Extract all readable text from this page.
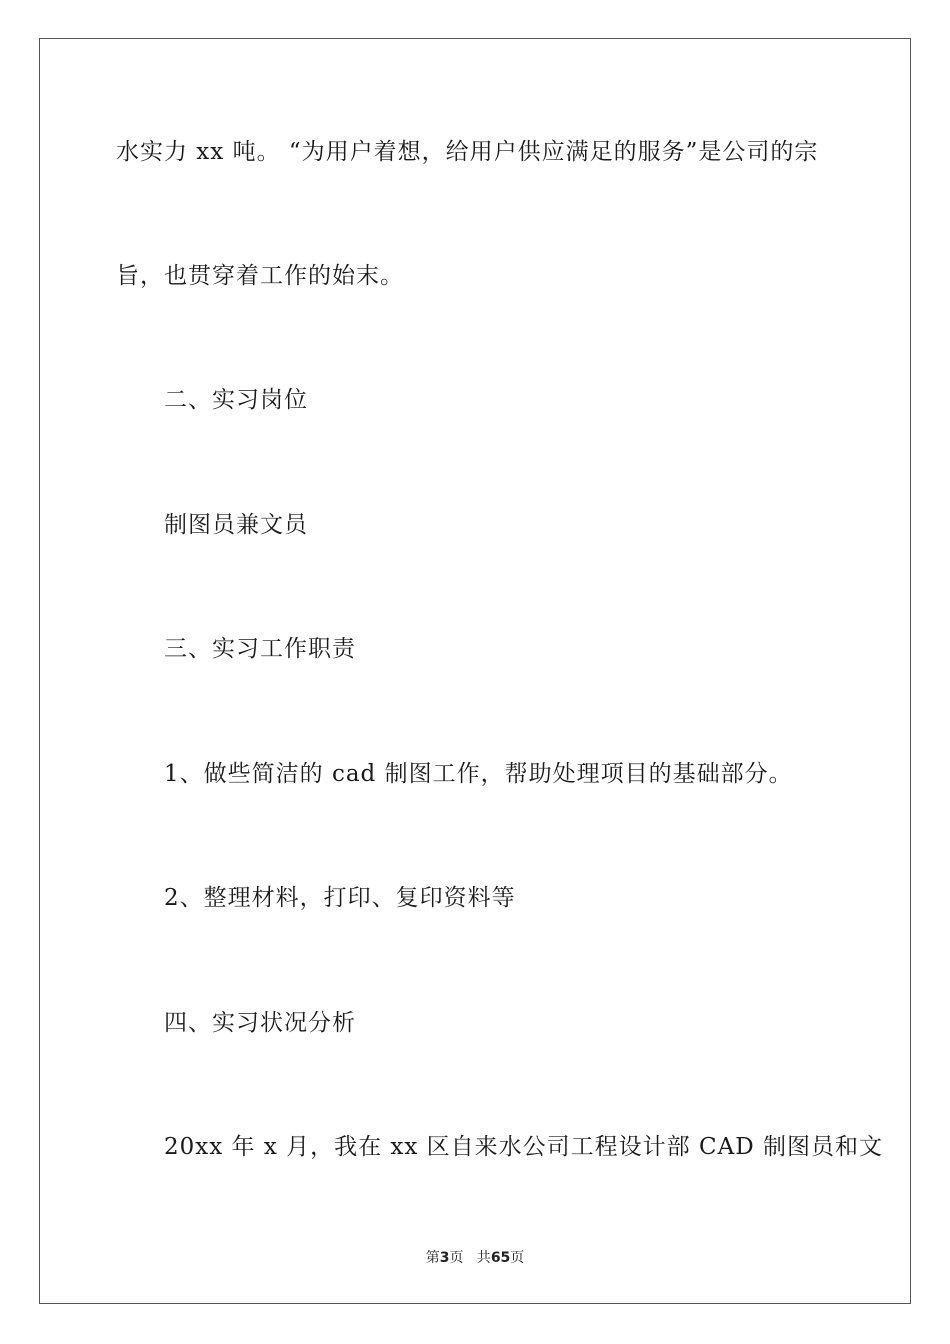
水实力 xx 吨。 “为用户着想，给用户供应满足的服务”是公司的宗
旨，也贯穿着工作的始末。
二、实习岗位
制图员兼文员
三、实习工作职责
1、做些简洁的 cad 制图工作，帮助处理项目的基础部分。
2、整理材料，打印、复印资料等
四、实习状况分析
20xx 年 x 月，我在 xx 区自来水公司工程设计部 CAD 制图员和文
第3页   共65页
